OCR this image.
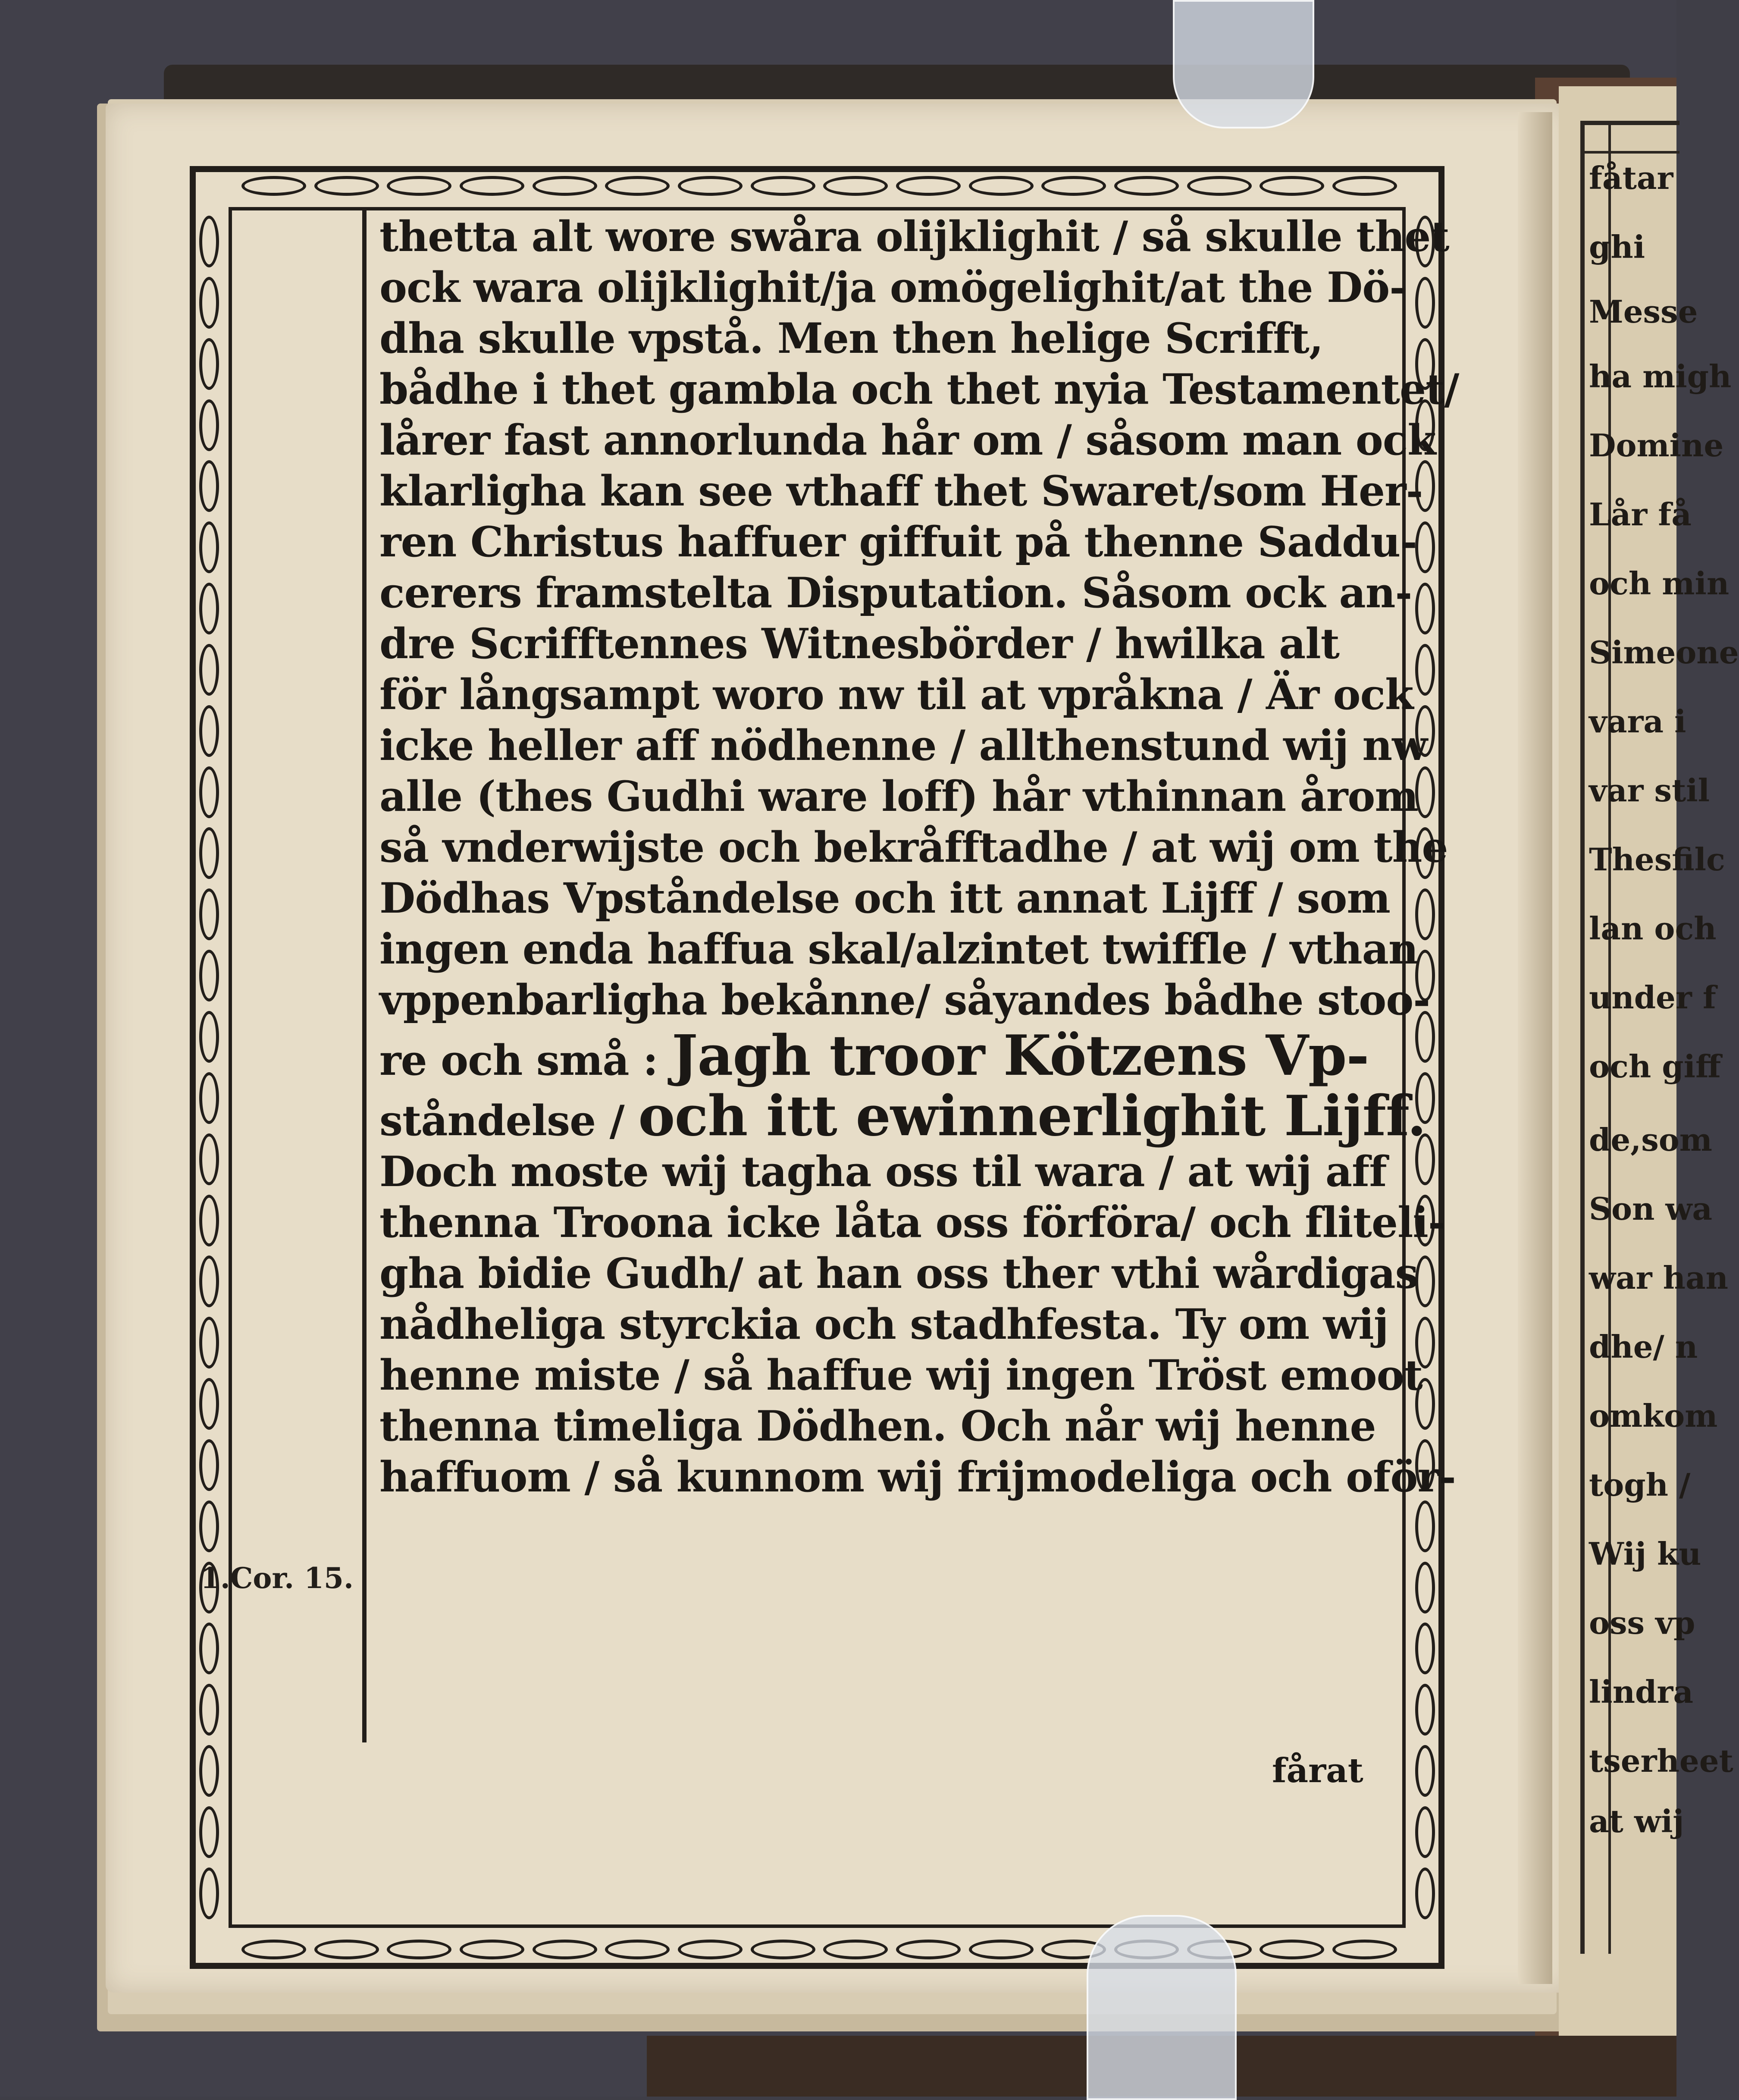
fåtar
ghi
Messe
ha migh
Domine
Lår få
och min
Simeone
vara i
var stil
Thesfilc
lan och
under f
och giff
de,som
Son wa
war han
dhe/ n
omkom
togh /
Wij ku
oss vp
lindra
tserheet
at wij
1.Cor. 15.
thetta alt wore swåra olijklighit / så skulle thet
ock wara olijklighit/ja omögelighit/at the Dö-
dha skulle vpstå. Men then helige Scrifft,
bådhe i thet gambla och thet nyia Testamentet/
lårer fast annorlunda hår om / såsom man ock
klarligha kan see vthaff thet Swaret/som Her-
ren Christus haffuer giffuit på thenne Saddu-
cerers framstelta Disputation. Såsom ock an-
dre Scrifftennes Witnesbörder / hwilka alt
för långsampt woro nw til at vpråkna / Är ock
icke heller aff nödhenne / allthenstund wij nw
alle (thes Gudhi ware loff) hår vthinnan årom
så vnderwijste och bekråfftadhe / at wij om the
Dödhas Vpståndelse och itt annat Lijff / som
ingen enda haffua skal/alzintet twiffle / vthan
vppenbarligha bekånne/ såyandes bådhe stoo-
re och små : Jagh troor Kötzens Vp-
ståndelse / och itt ewinnerlighit Lijff.
Doch moste wij tagha oss til wara / at wij aff
thenna Troona icke låta oss förföra/ och fliteli-
gha bidie Gudh/ at han oss ther vthi wårdigas
nådheliga styrckia och stadhfesta. Ty om wij
henne miste / så haffue wij ingen Tröst emoot
thenna timeliga Dödhen. Och når wij henne
haffuom / så kunnom wij frijmodeliga och oför-
fårat
